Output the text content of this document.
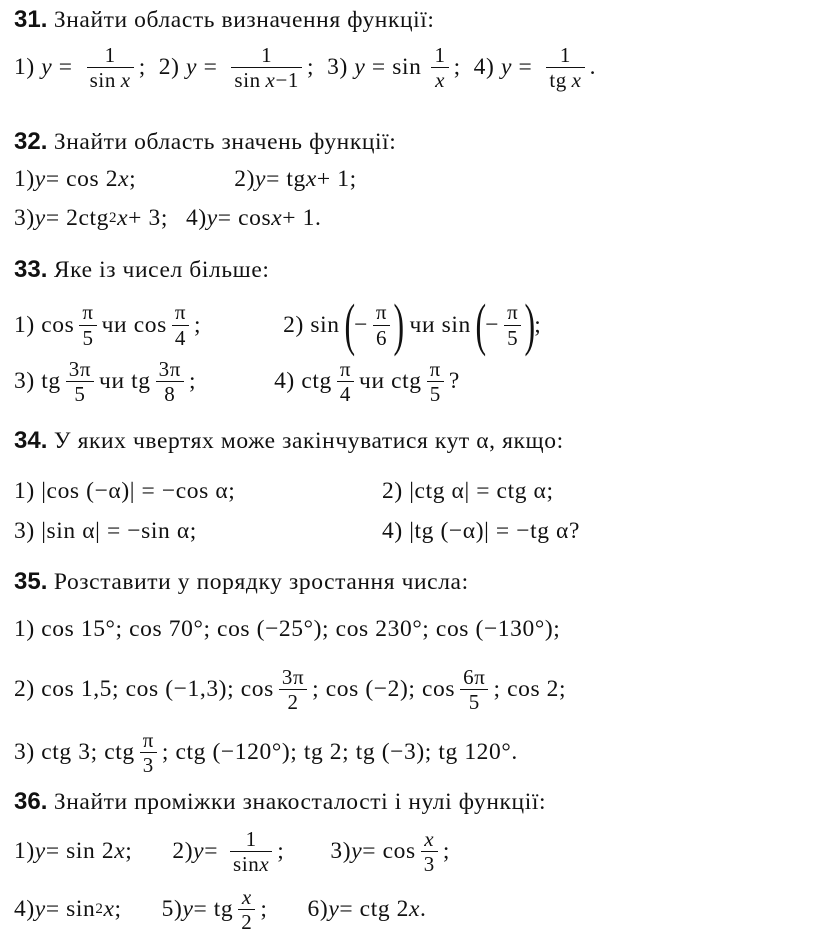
31.
Знайти область визначення функції:
1)
y
= $\frac{1}{\text{sin  x}}$ ; 2)
y
= $\frac{1}{\text{sin  x−1}}$ ; 3)
y
=
$\sin \frac{1}{x}$ ; 4)
y
= $\frac{1}{\text{tg  x}}$ .
32.
Знайти область значень функції:
1) y = cos 2 x ;	2) y = tg x + 1;
3) y = 2ctg 2 x + 3; 4) y = cos x + 1.
33.
Яке із чисел більше:
1) $\cos \frac{\pi}{5}$ чи
$\cos \frac{\pi}{4}$ ;	2) sin
(
− $\frac{\pi}{6}$ )
чи
sin
(
− $\frac{\pi}{5}$ )
;
3) tg $\frac{3\pi}{5}$ чи
tg $\frac{3\pi}{8}$ ;	4) ctg $\frac{\pi}{4}$ чи
ctg $\frac{\pi}{5}$ ?
34.
У яких чвертях може закінчуватися кут α, якщо:
1) |cos (−α)| = −cos α;	2) |ctg α| = ctg α;
3) |sin α| = −sin α;	4) |tg (−α)| = −tg α?
35.
Розставити у порядку зростання числа:
1) cos 15°; cos 70°; cos (−25°); cos 230°; cos (−130°);
2) cos 1,5; cos (−1,3); $\cos \frac{3\pi}{2}$ ; cos (−2); $\cos \frac{6\pi}{5}$ ; cos 2;
3) ctg 3; ctg $\frac{\pi}{3}$ ; ctg (−120°); tg 2; tg (−3); tg 120°.
36.
Знайти проміжки знакосталості і нулі функції:
1) y = sin 2 x ; 2) $y = \frac{1}{\sin x}$ ; 3) $y = \cos \frac{x}{3}$ ;
4) y = sin 2 x ; 5) y = tg $\frac{x}{2}$ ; 6) y = ctg 2 x .
